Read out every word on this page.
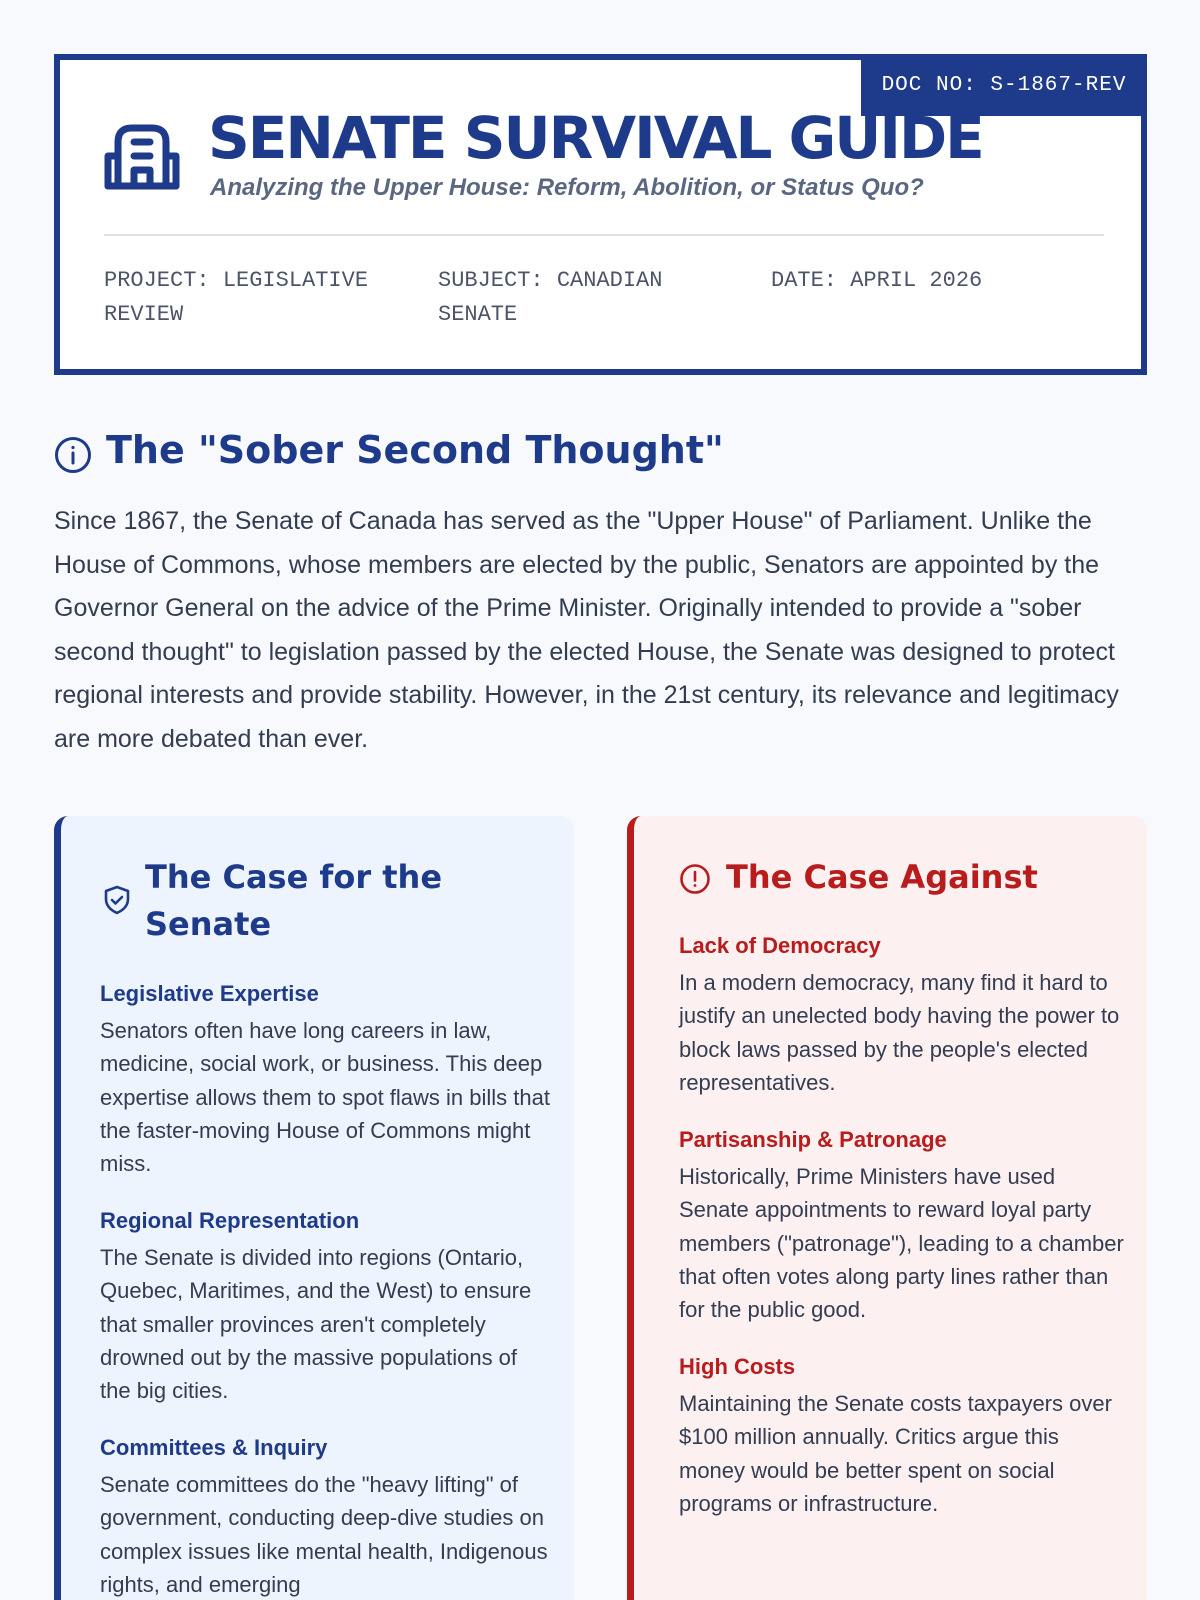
DOC NO: S-1867-REV
SENATE SURVIVAL GUIDE
Analyzing the Upper House: Reform, Abolition, or Status Quo?
PROJECT: LEGISLATIVE REVIEW
SUBJECT: CANADIAN SENATE
DATE: APRIL 2026
The "Sober Second Thought"

Since 1867, the Senate of Canada has served as the "Upper House" of Parliament. Unlike the House of Commons, whose members are elected by the public, Senators are appointed by the Governor General on the advice of the Prime Minister. Originally intended to provide a "sober second thought" to legislation passed by the elected House, the Senate was designed to protect regional interests and provide stability. However, in the 21st century, its relevance and legitimacy are more debated than ever.

The Case for the Senate
Legislative Expertise
Senators often have long careers in law, medicine, social work, or business. This deep expertise allows them to spot flaws in bills that the faster-moving House of Commons might miss.
Regional Representation
The Senate is divided into regions (Ontario, Quebec, Maritimes, and the West) to ensure that smaller provinces aren't completely drowned out by the massive populations of the big cities.
Committees & Inquiry
Senate committees do the "heavy lifting" of government, conducting deep-dive studies on complex issues like mental health, Indigenous rights, and emerging
The Case Against
Lack of Democracy
In a modern democracy, many find it hard to justify an unelected body having the power to block laws passed by the people's elected representatives.
Partisanship & Patronage
Historically, Prime Ministers have used Senate appointments to reward loyal party members ("patronage"), leading to a chamber that often votes along party lines rather than for the public good.
High Costs
Maintaining the Senate costs taxpayers over $100 million annually. Critics argue this money would be better spent on social programs or infrastructure.
